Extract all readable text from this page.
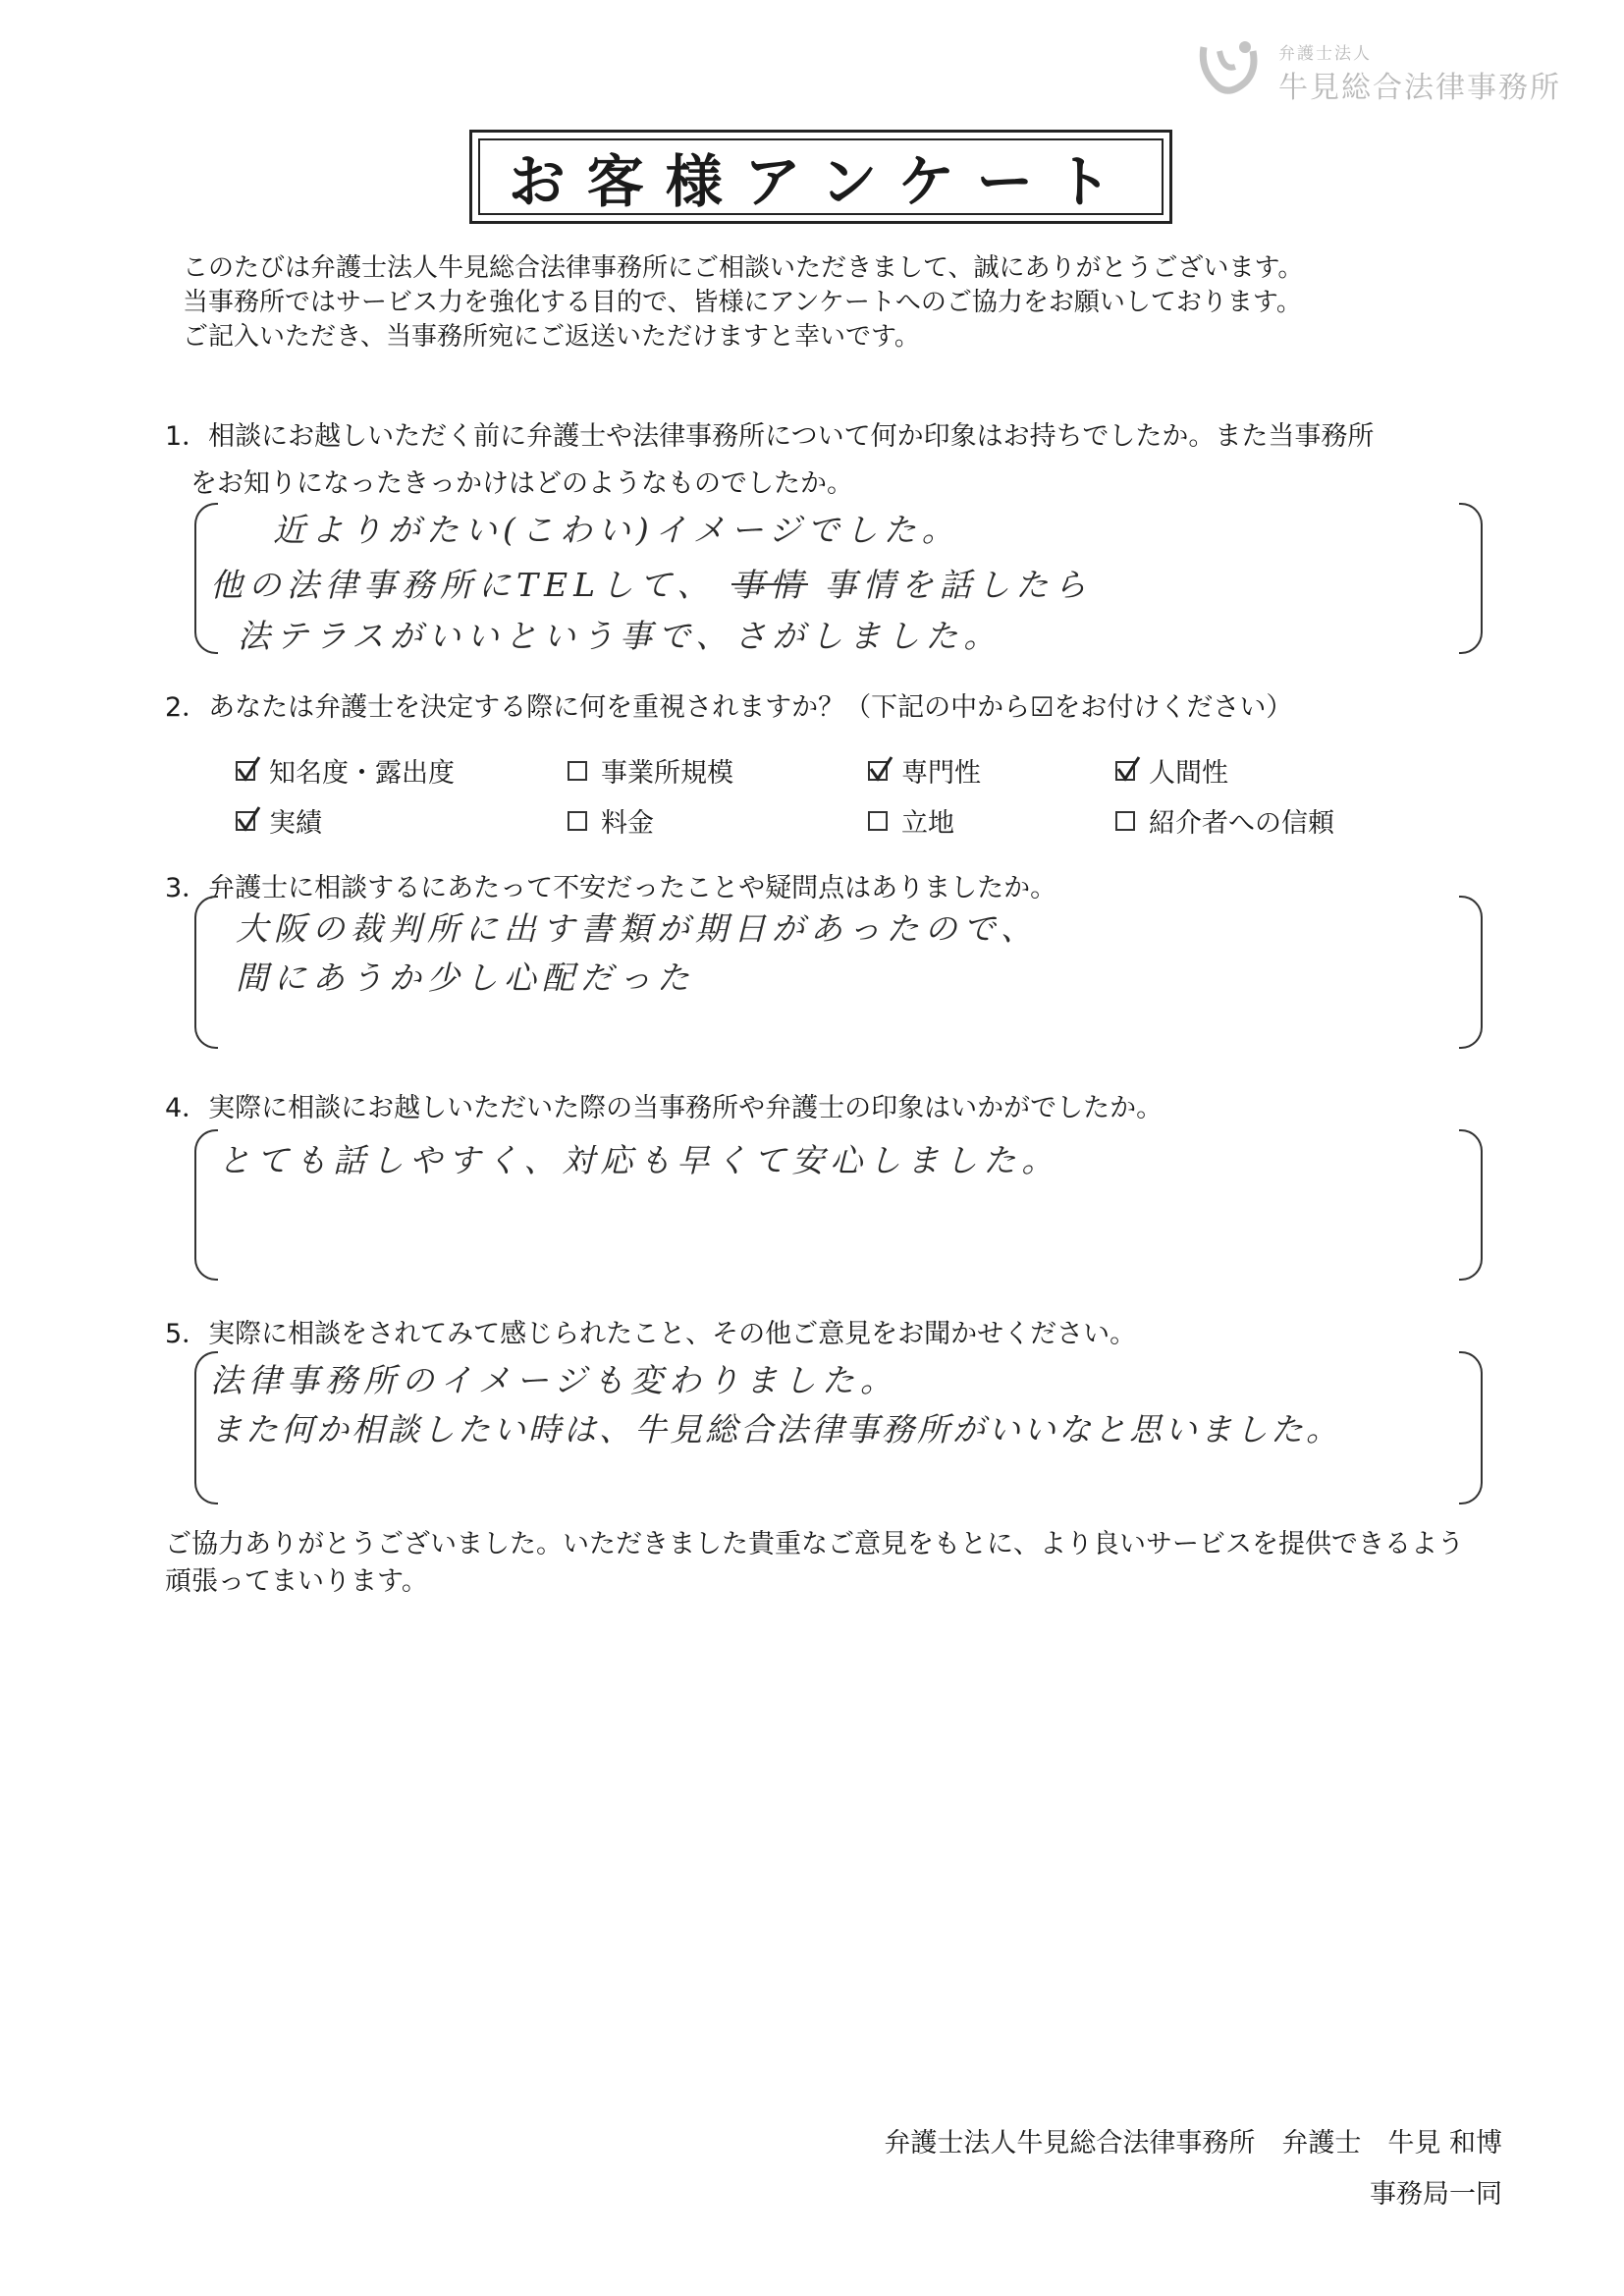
弁護士法人
牛見総合法律事務所
お客様アンケート
このたびは弁護士法人牛見総合法律事務所にご相談いただきまして、誠にありがとうございます。
当事務所ではサービス力を強化する目的で、皆様にアンケートへのご協力をお願いしております。
ご記入いただき、当事務所宛にご返送いただけますと幸いです。
1．相談にお越しいただく前に弁護士や法律事務所について何か印象はお持ちでしたか。また当事務所
をお知りになったきっかけはどのようなものでしたか。
近よりがたい(こわい)イメージでした。
他の法律事務所にTELして、 事情 事情を話したら
法テラスがいいという事で、さがしました。
2．あなたは弁護士を決定する際に何を重視されますか？（下記の中から☑をお付けください）
知名度・露出度	事業所規模	専門性	人間性
実績	料金	立地	紹介者への信頼
3．弁護士に相談するにあたって不安だったことや疑問点はありましたか。
大阪の裁判所に出す書類が期日があったので、
間にあうか少し心配だった
4．実際に相談にお越しいただいた際の当事務所や弁護士の印象はいかがでしたか。
とても話しやすく、対応も早くて安心しました。
5．実際に相談をされてみて感じられたこと、その他ご意見をお聞かせください。
法律事務所のイメージも変わりました。
また何か相談したい時は、牛見総合法律事務所がいいなと思いました。
ご協力ありがとうございました。いただきました貴重なご意見をもとに、より良いサービスを提供できるよう
頑張ってまいります。
弁護士法人牛見総合法律事務所　弁護士　牛見 和博
事務局一同
